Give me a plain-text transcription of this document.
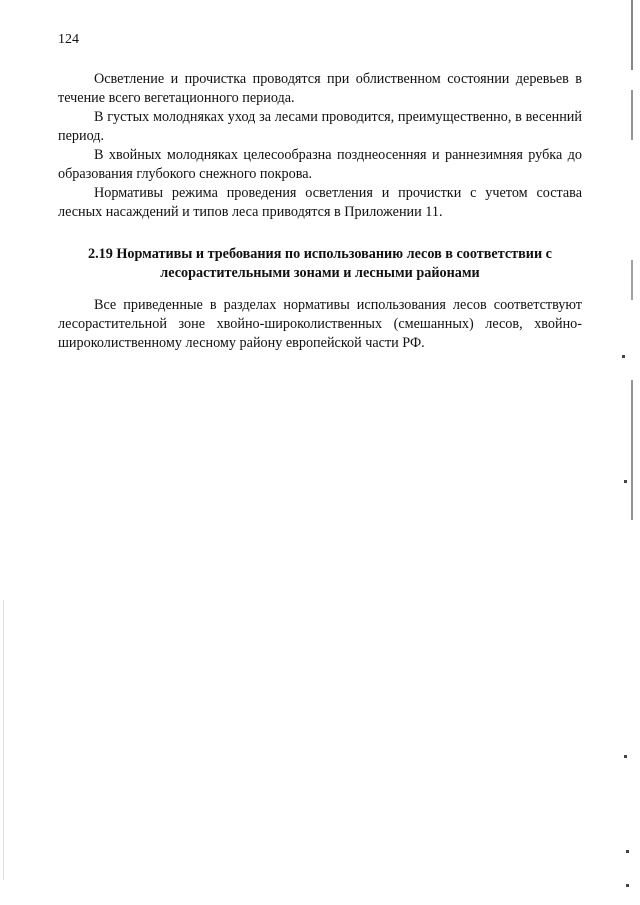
124

Осветление и прочистка проводятся при облиственном состоянии деревьев в течение всего вегетационного периода.

В густых молодняках уход за лесами проводится, преимущественно, в весенний период.

В хвойных молодняках целесообразна позднеосенняя и раннезимняя рубка до образования глубокого снежного покрова.

Нормативы режима проведения осветления и прочистки с учетом состава лесных насаждений и типов леса приводятся в Приложении 11.

2.19 Нормативы и требования по использованию лесов в соответствии с лесорастительными зонами и лесными районами

Все приведенные в разделах нормативы использования лесов соответствуют лесорастительной зоне хвойно-широколиственных (смешанных) лесов, хвойно-широколиственному лесному району европейской части РФ.
